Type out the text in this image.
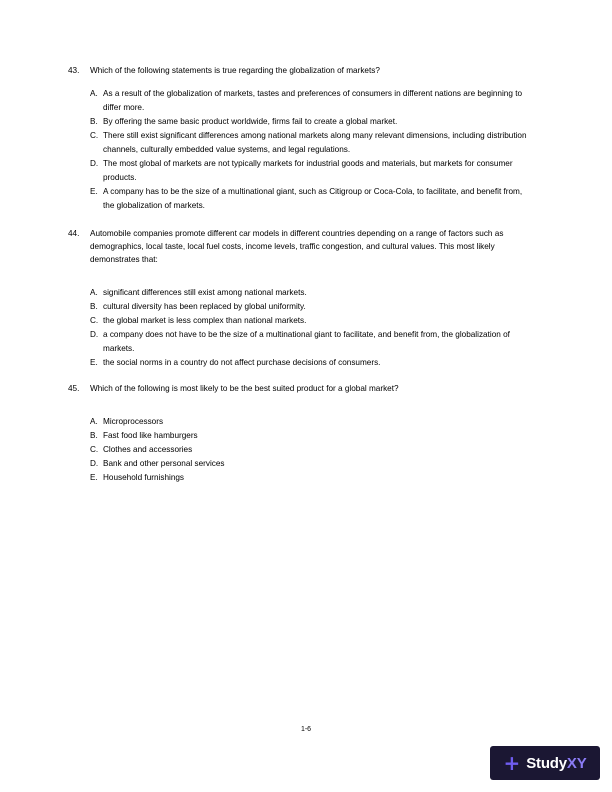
43.	Which of the following statements is true regarding the globalization of markets?
A. As a result of the globalization of markets, tastes and preferences of consumers in different nations are beginning to differ more.
B. By offering the same basic product worldwide, firms fail to create a global market.
C. There still exist significant differences among national markets along many relevant dimensions, including distribution channels, culturally embedded value systems, and legal regulations.
D. The most global of markets are not typically markets for industrial goods and materials, but markets for consumer products.
E. A company has to be the size of a multinational giant, such as Citigroup or Coca-Cola, to facilitate, and benefit from, the globalization of markets.
44.	Automobile companies promote different car models in different countries depending on a range of factors such as demographics, local taste, local fuel costs, income levels, traffic congestion, and cultural values. This most likely demonstrates that:
A. significant differences still exist among national markets.
B. cultural diversity has been replaced by global uniformity.
C. the global market is less complex than national markets.
D. a company does not have to be the size of a multinational giant to facilitate, and benefit from, the globalization of markets.
E. the social norms in a country do not affect purchase decisions of consumers.
45.	Which of the following is most likely to be the best suited product for a global market?
A. Microprocessors
B. Fast food like hamburgers
C. Clothes and accessories
D. Bank and other personal services
E. Household furnishings
1-6
+ StudyXY
